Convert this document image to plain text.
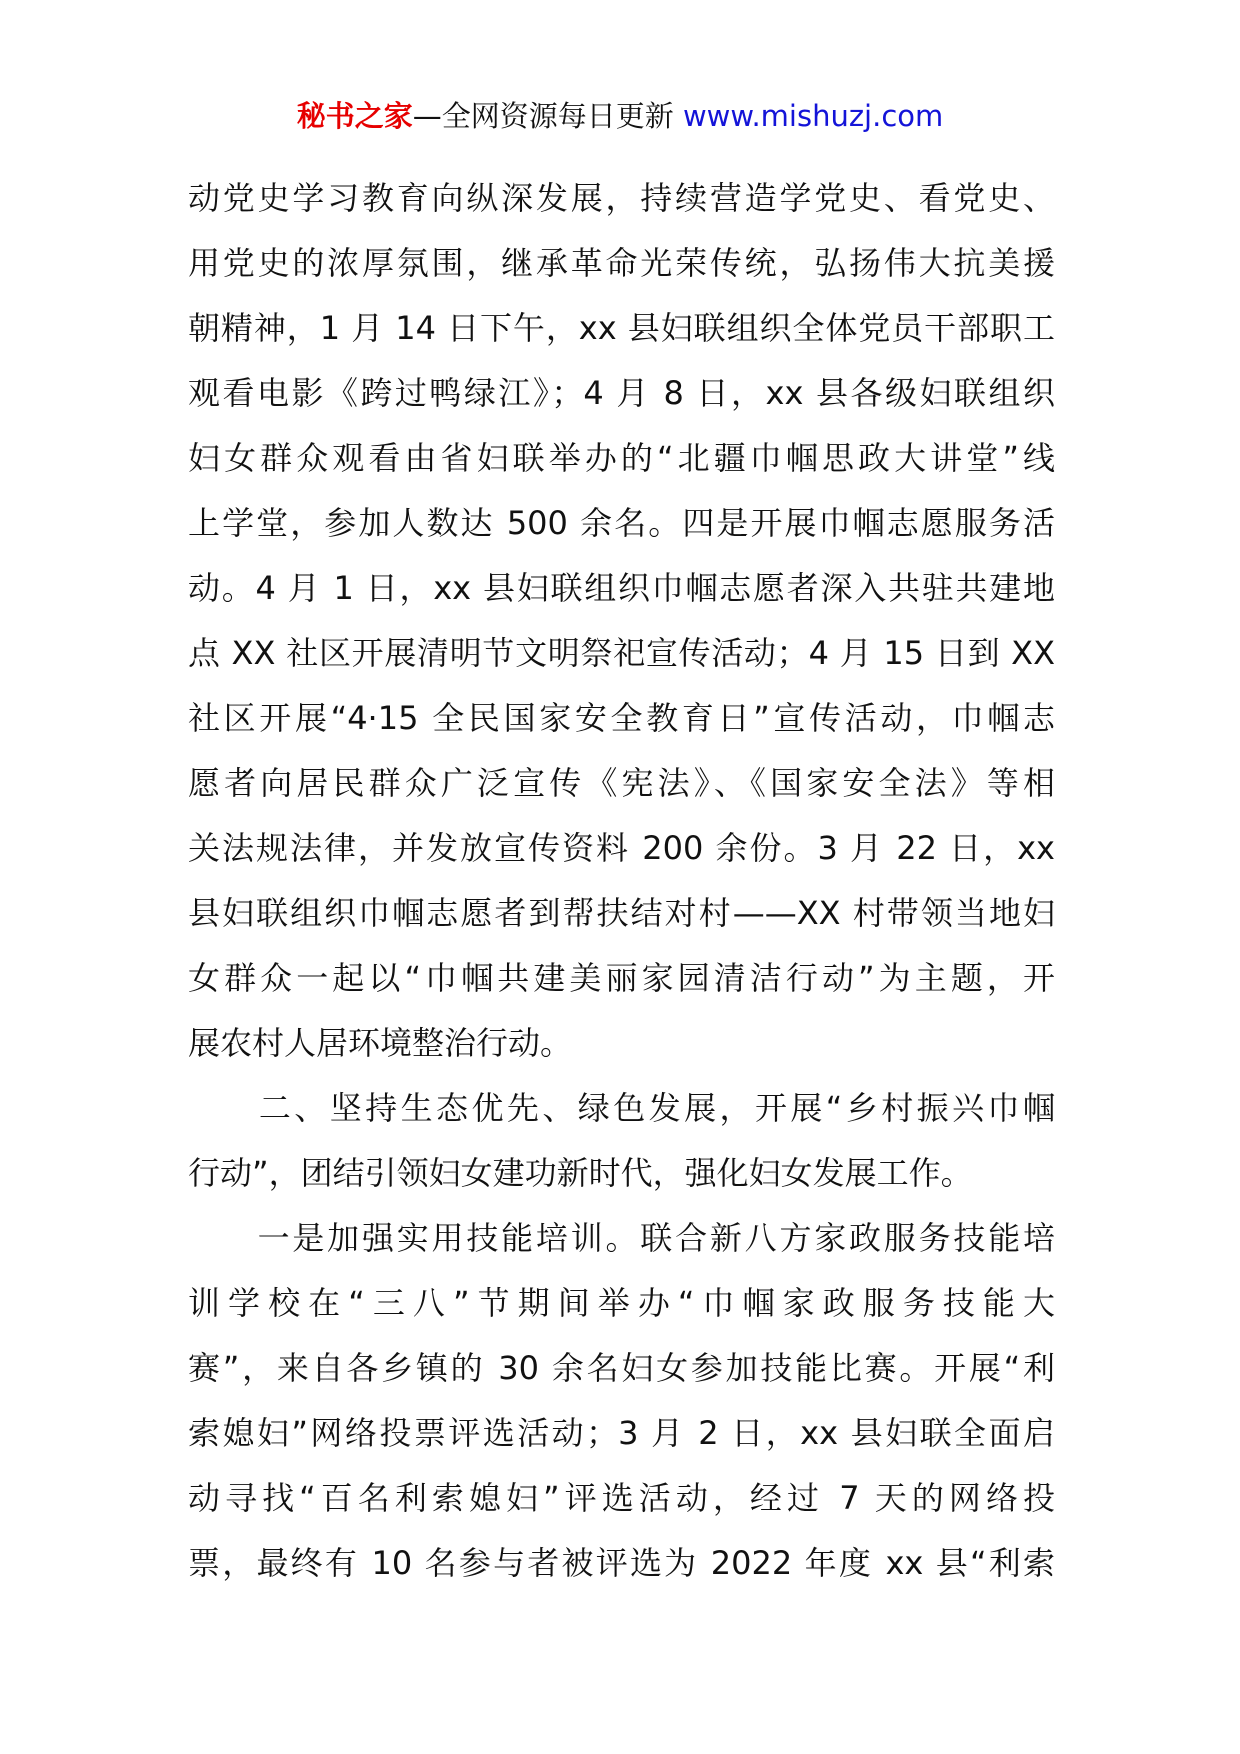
秘书之家—全网资源每日更新 www.mishuzj.com
动党史学习教育向纵深发展，持续营造学党史、看党史、
用党史的浓厚氛围，继承革命光荣传统，弘扬伟大抗美援
朝精神，1 月 14 日下午，xx 县妇联组织全体党员干部职工
观看电影《跨过鸭绿江》；4 月 8 日，xx 县各级妇联组织
妇女群众观看由省妇联举办的“北疆巾帼思政大讲堂”线
上学堂，参加人数达 500 余名。四是开展巾帼志愿服务活
动。4 月 1 日，xx 县妇联组织巾帼志愿者深入共驻共建地
点 XX 社区开展清明节文明祭祀宣传活动；4 月 15 日到 XX
社区开展“4·15 全民国家安全教育日”宣传活动，巾帼志
愿者向居民群众广泛宣传《宪法》、《国家安全法》等相
关法规法律，并发放宣传资料 200 余份。3 月 22 日，xx
县妇联组织巾帼志愿者到帮扶结对村——XX 村带领当地妇
女群众一起以“巾帼共建美丽家园清洁行动”为主题，开
展农村人居环境整治行动。
　　二、坚持生态优先、绿色发展，开展“乡村振兴巾帼
行动”，团结引领妇女建功新时代，强化妇女发展工作。
　　一是加强实用技能培训。联合新八方家政服务技能培
训学校在“三八”节期间举办“巾帼家政服务技能大
赛”，来自各乡镇的 30 余名妇女参加技能比赛。开展“利
索媳妇”网络投票评选活动；3 月 2 日，xx 县妇联全面启
动寻找“百名利索媳妇”评选活动，经过 7 天的网络投
票，最终有 10 名参与者被评选为 2022 年度 xx 县“利索
